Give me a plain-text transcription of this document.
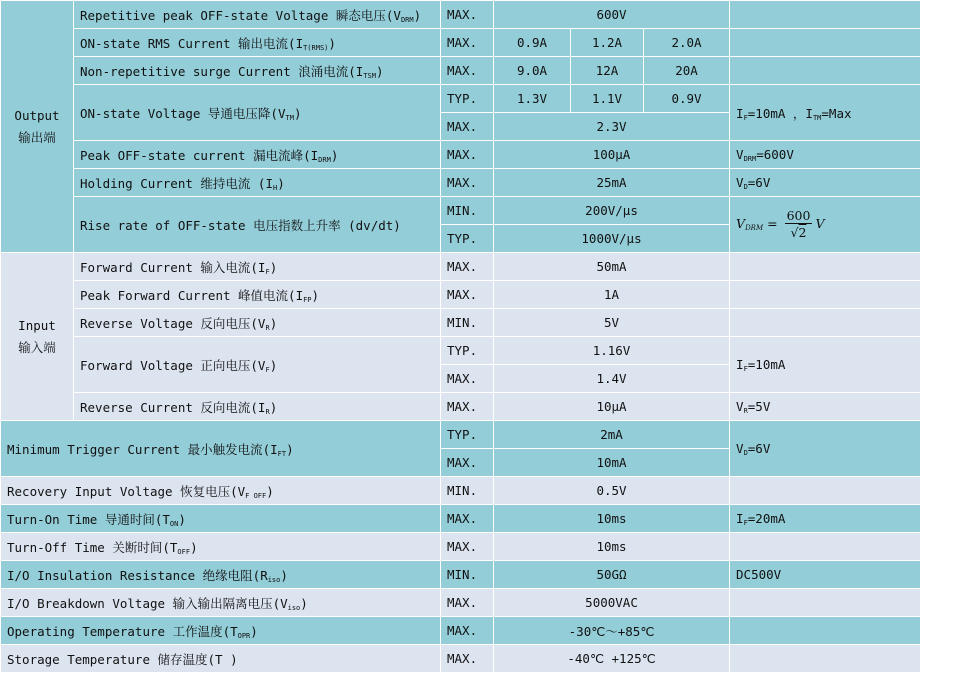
Output
输出端	Repetitive peak OFF-state Voltage 瞬态电压$(V_{DRM})$	MAX.	600V			
	ON-state RMS Current 输出电流$(I_{T(RMS)})$	MAX.	0.9A	1.2A	2.0A	
	Non-repetitive surge Current 浪涌电流$(I_{TSM})$	MAX.	9.0A	12A	20A	
	ON-state Voltage 导通电压降$(V_{TM})$	TYP.	1.3V	1.1V	0.9V	$I_F=10mA$ ，$I_{TM}=Max$
		MAX.	2.3V			
	Peak OFF-state current 漏电流峰$(I_{DRM})$	MAX.	100μA			$V_{DRM}=600V$
	Holding Current 维持电流 $(I_H)$	MAX.	25mA			$V_D=6V$
	Rise rate of OFF-state 电压指数上升率 (dv/dt)	MIN.	200V/μs			$V_{DRM} = \frac{600}{√2}$ V
		TYP.	1000V/μs			

Input
输入端	Forward Current 输入电流$(I_F)$	MAX.	50mA			
	Peak Forward Current 峰值电流$(I_{FP})$	MAX.	1A			
	Reverse Voltage 反向电压$(V_R)$	MIN.	5V			
	Forward Voltage 正向电压$(V_F)$	TYP.	1.16V			$I_F=10mA$
		MAX.	1.4V			
	Reverse Current 反向电流$(I_R)$	MAX.	10μA			$V_R=5V$
Minimum Trigger Current 最小触发电流$(I_{FT})$		TYP.	2mA			$V_D=6V$
		MAX.	10mA			
Recovery Input Voltage 恢复电压$(V_{F OFF})$		MIN.	0.5V			
Turn-On Time 导通时间$(T_{ON})$		MAX.	10ms			$I_F=20mA$
Turn-Off Time 关断时间$(T_{OFF})$		MAX.	10ms			
I/O Insulation Resistance 绝缘电阻$(R_{iso})$		MIN.	50GΩ			DC500V
I/O Breakdown Voltage 输入输出隔离电压$(V_{iso})$		MAX.	5000VAC			
Operating Temperature 工作温度$(T_{OPR})$		MAX.	-30℃～+85℃			
Storage Temperature 储存温度(T )		MAX.	-40℃ +125℃			
